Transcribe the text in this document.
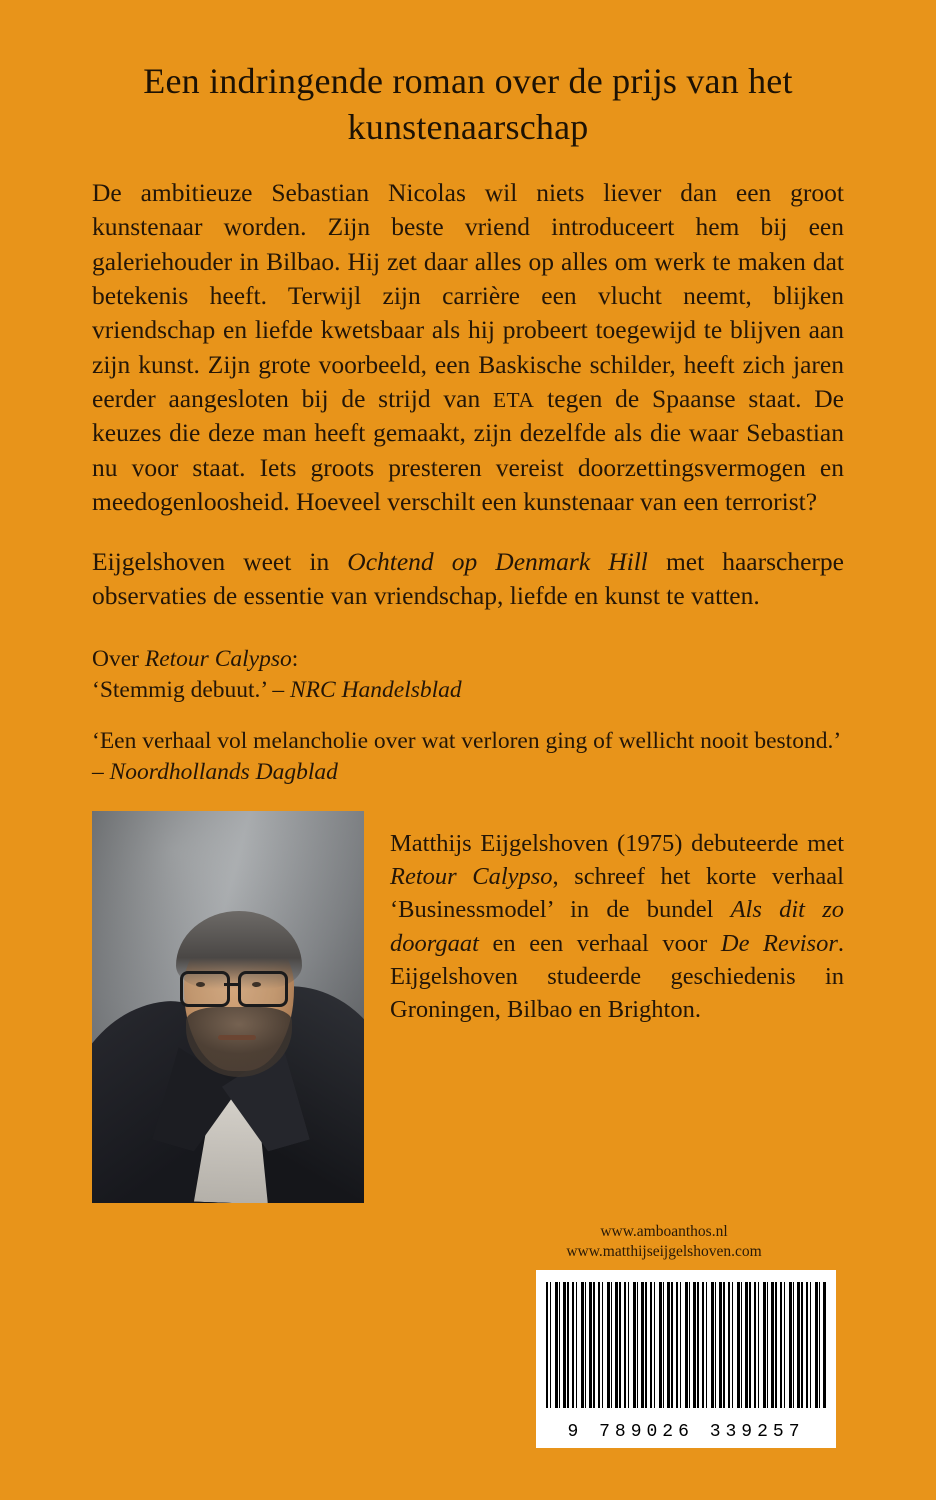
Een indringende roman over de prijs van het kunstenaarschap

De ambitieuze Sebastian Nicolas wil niets liever dan een groot kunstenaar worden. Zijn beste vriend introduceert hem bij een galeriehouder in Bilbao. Hij zet daar alles op alles om werk te maken dat betekenis heeft. Terwijl zijn carrière een vlucht neemt, blijken vriendschap en liefde kwetsbaar als hij probeert toegewijd te blijven aan zijn kunst. Zijn grote voorbeeld, een Baskische schilder, heeft zich jaren eerder aangesloten bij de strijd van ETA tegen de Spaanse staat. De keuzes die deze man heeft gemaakt, zijn dezelfde als die waar Sebastian nu voor staat. Iets groots presteren vereist doorzettingsvermogen en meedogenloosheid. Hoeveel verschilt een kunstenaar van een terrorist?

Eijgelshoven weet in Ochtend op Denmark Hill met haarscherpe observaties de essentie van vriendschap, liefde en kunst te vatten.

Over Retour Calypso:
‘Stemmig debuut.’ – NRC Handelsblad
‘Een verhaal vol melancholie over wat verloren ging of wellicht nooit bestond.’ – Noordhollands Dagblad
Matthijs Eijgelshoven (1975) debuteerde met Retour Calypso, schreef het korte verhaal ‘Businessmodel’ in de bundel Als dit zo doorgaat en een verhaal voor De Revisor. Eijgelshoven studeerde geschiedenis in Groningen, Bilbao en Brighton.
www.amboanthos.nl
www.matthijseijgelshoven.com
9 789026 339257
